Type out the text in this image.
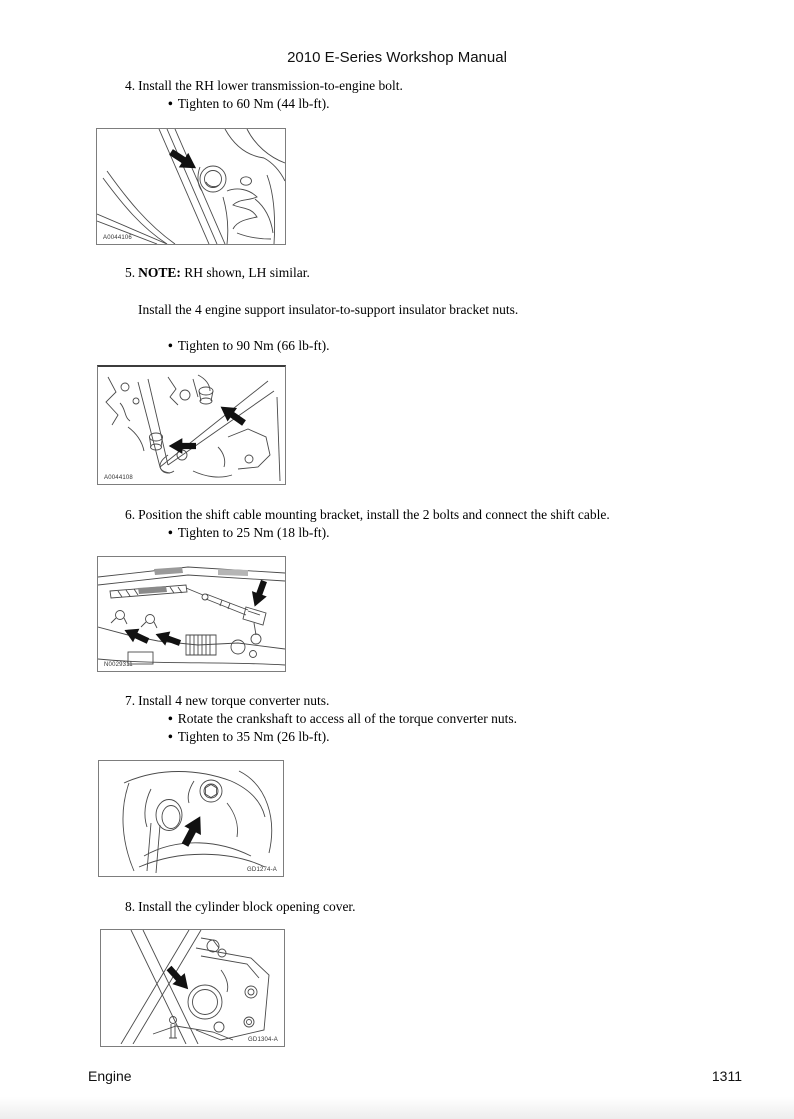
2010 E-Series Workshop Manual
4. Install the RH lower transmission-to-engine bolt.
• Tighten to 60 Nm (44 lb-ft).
A0044106
5. NOTE: RH shown, LH similar.
Install the 4 engine support insulator-to-support insulator bracket nuts.
• Tighten to 90 Nm (66 lb-ft).
A0044108
6. Position the shift cable mounting bracket, install the 2 bolts and connect the shift cable.
• Tighten to 25 Nm (18 lb-ft).
N0029311
7. Install 4 new torque converter nuts.
• Rotate the crankshaft to access all of the torque converter nuts.
• Tighten to 35 Nm (26 lb-ft).
GD1274-A
8. Install the cylinder block opening cover.
GD1304-A
Engine	1311
